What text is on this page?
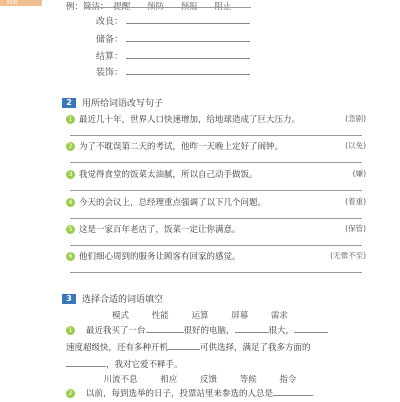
词语	例：简洁： 提醒 预防 预报 阻止
改良：
储备：
结算：
装饰：
2	用所给词语改写句子
1 最近几十年，世界人口快速增加，给地球造成了巨大压力。	(急剧)
2 为了不耽误第二天的考试，他昨一天晚上定好了闹钟。	(以免)
3 我觉得食堂的饭菜太油腻，所以自己动手做饭。	(嫌)
4 今天的会议上，总经理重点强调了以下几个问题。	(着重)
5 这是一家百年老店了，饭菜一定让你满意。	(保管)
6 他们细心周到的服务让顾客有回家的感觉。	(无微不至)
3	选择合适的词语填空
模式	性能	运算	屏幕	需求
1	最近我买了一台	很好的电脑，	很大，
速度超级快，还有多种开机	可供选择，满足了我多方面的
，我对它爱不释手。
川流不息	相应	反馈	等候	指令
2	以前，每到选举的日子，投票站里来参选的人总是
